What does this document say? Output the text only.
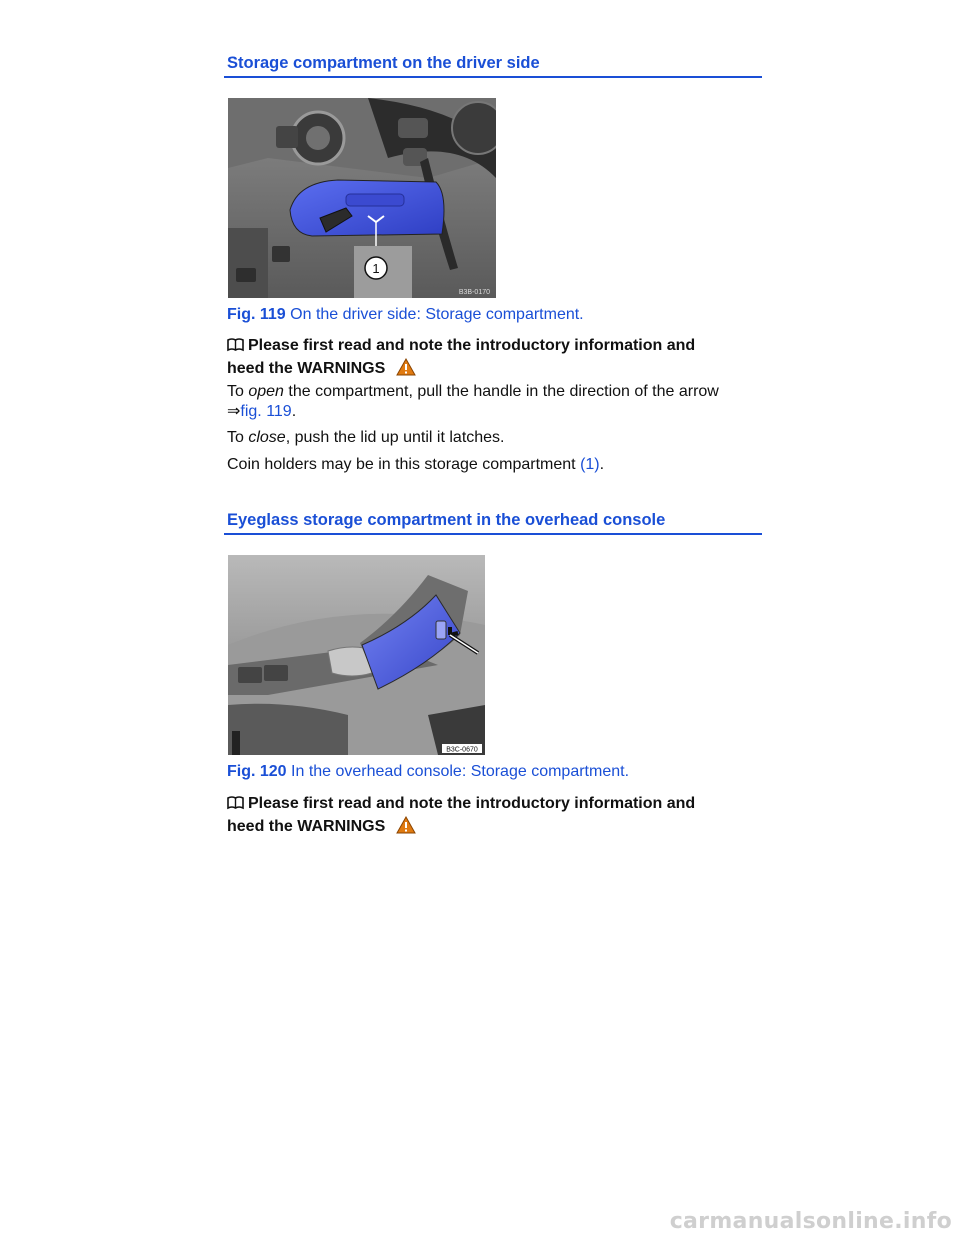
Storage compartment on the driver side
1
B3B-0170
Fig. 119 On the driver side: Storage compartment.
Please first read and note the introductory information and
heed the WARNINGS
To open the compartment, pull the handle in the direction of the arrow
⇒fig. 119.
To close, push the lid up until it latches.
Coin holders may be in this storage compartment (1).
Eyeglass storage compartment in the overhead console
B3C-0670
Fig. 120 In the overhead console: Storage compartment.
Please first read and note the introductory information and
heed the WARNINGS
carmanualsonline.info
